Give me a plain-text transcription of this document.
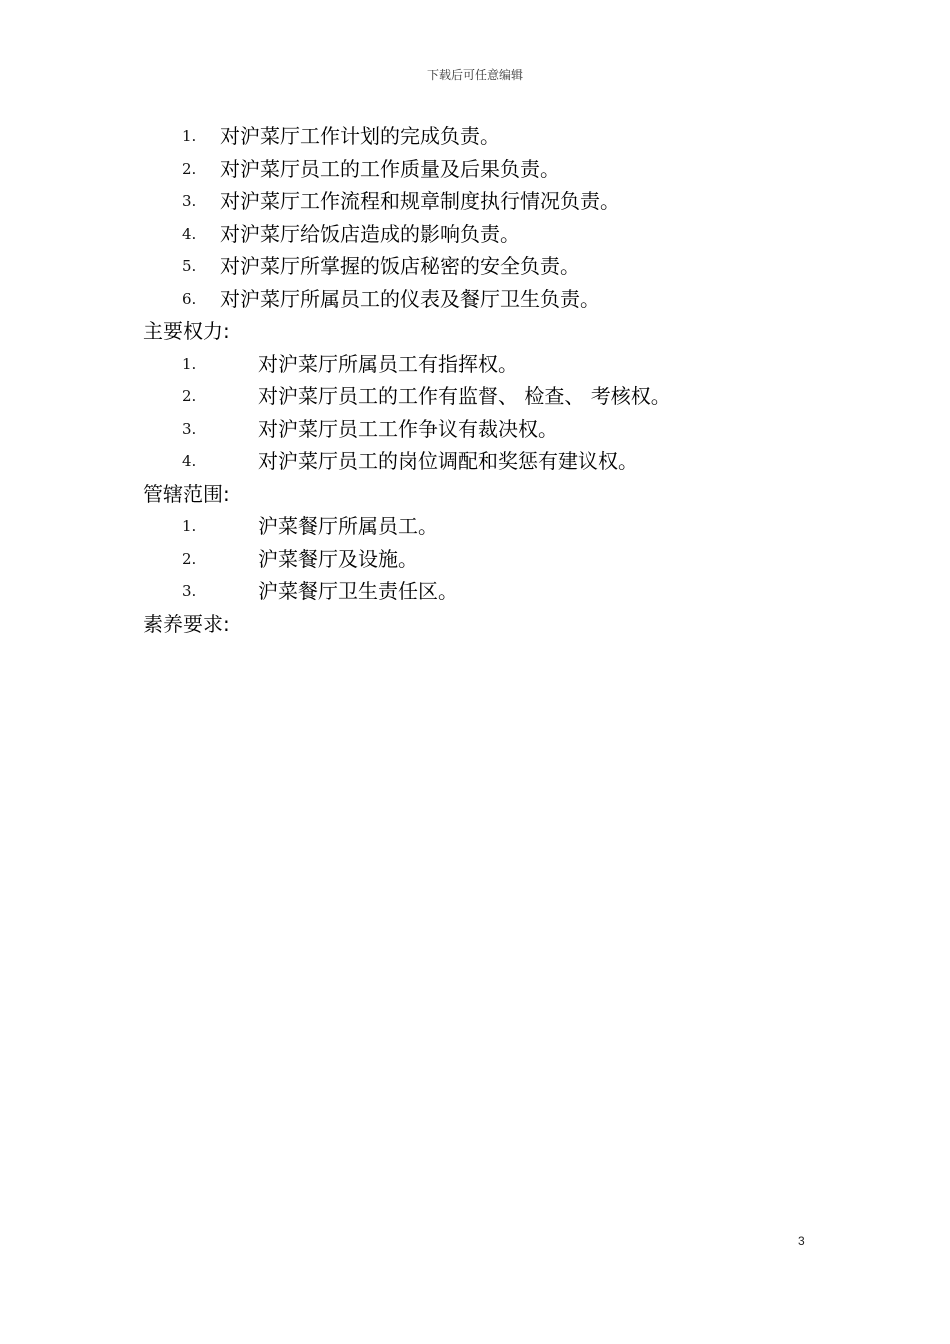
下载后可任意编辑
1. 对沪菜厅工作计划的完成负责。
2. 对沪菜厅员工的工作质量及后果负责。
3. 对沪菜厅工作流程和规章制度执行情况负责。
4. 对沪菜厅给饭店造成的影响负责。
5. 对沪菜厅所掌握的饭店秘密的安全负责。
6. 对沪菜厅所属员工的仪表及餐厅卫生负责。
主要权力:
1.	对沪菜厅所属员工有指挥权。
2.	对沪菜厅员工的工作有监督、 检查、 考核权。
3.	对沪菜厅员工工作争议有裁决权。
4.	对沪菜厅员工的岗位调配和奖惩有建议权。
管辖范围:
1.	沪菜餐厅所属员工。
2.	沪菜餐厅及设施。
3.	沪菜餐厅卫生责任区。
素养要求:
3
